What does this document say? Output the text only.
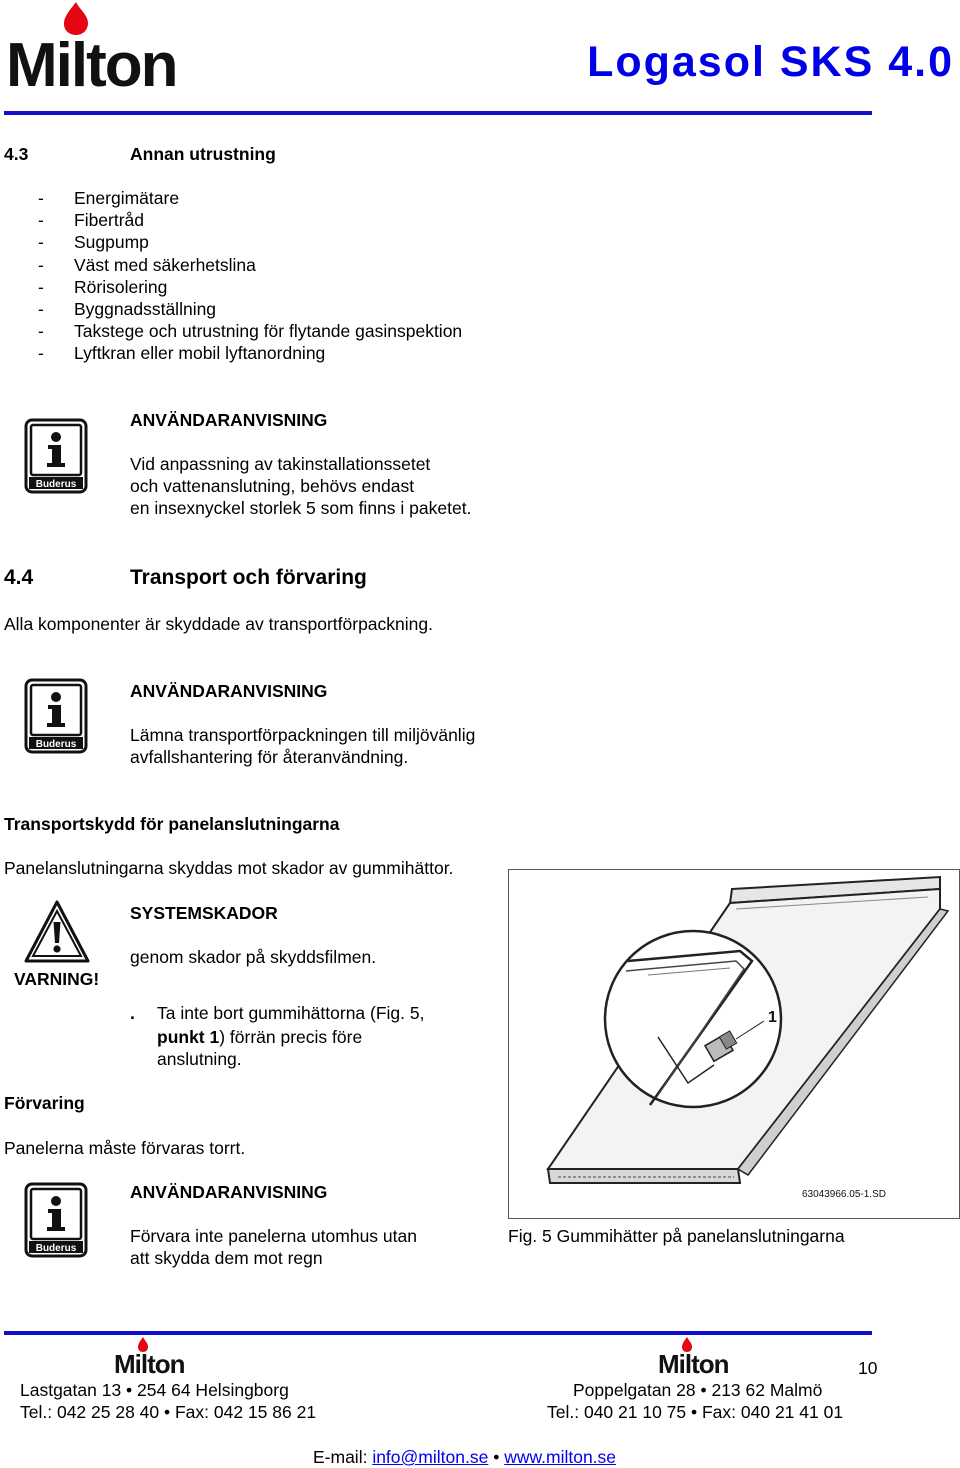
Milton	Logasol SKS 4.0
4.3	Annan utrustning
-	Energimätare
-	Fibertråd
-	Sugpump
-	Väst med säkerhetslina
-	Rörisolering
-	Byggnadsställning
-	Takstege och utrustning för flytande gasinspektion
-	Lyftkran eller mobil lyftanordning
Buderus
ANVÄNDARANVISNING
Vid anpassning av takinstallationssetet
och vattenanslutning, behövs endast
en insexnyckel storlek 5 som finns i paketet.
4.4	Transport och förvaring
Alla komponenter är skyddade av transportförpackning.
Buderus
ANVÄNDARANVISNING
Lämna transportförpackningen till miljövänlig
avfallshantering för återanvändning.
Transportskydd för panelanslutningarna
Panelanslutningarna skyddas mot skador av gummihättor.
VARNING!
SYSTEMSKADOR
genom skador på skyddsfilmen.
. Ta inte bort gummihättorna (Fig. 5,
punkt 1) förrän precis före
anslutning.
Förvaring
Panelerna måste förvaras torrt.
Buderus
ANVÄNDARANVISNING
Förvara inte panelerna utomhus utan
att skydda dem mot regn
1
63043966.05-1.SD
Fig. 5 Gummihätter på panelanslutningarna
Milton	Milton	10
Lastgatan 13 • 254 64 Helsingborg
Tel.: 042 25 28 40 • Fax: 042 15 86 21
Poppelgatan 28 • 213 62 Malmö
Tel.: 040 21 10 75 • Fax: 040 21 41 01
E-mail: info@milton.se • www.milton.se
